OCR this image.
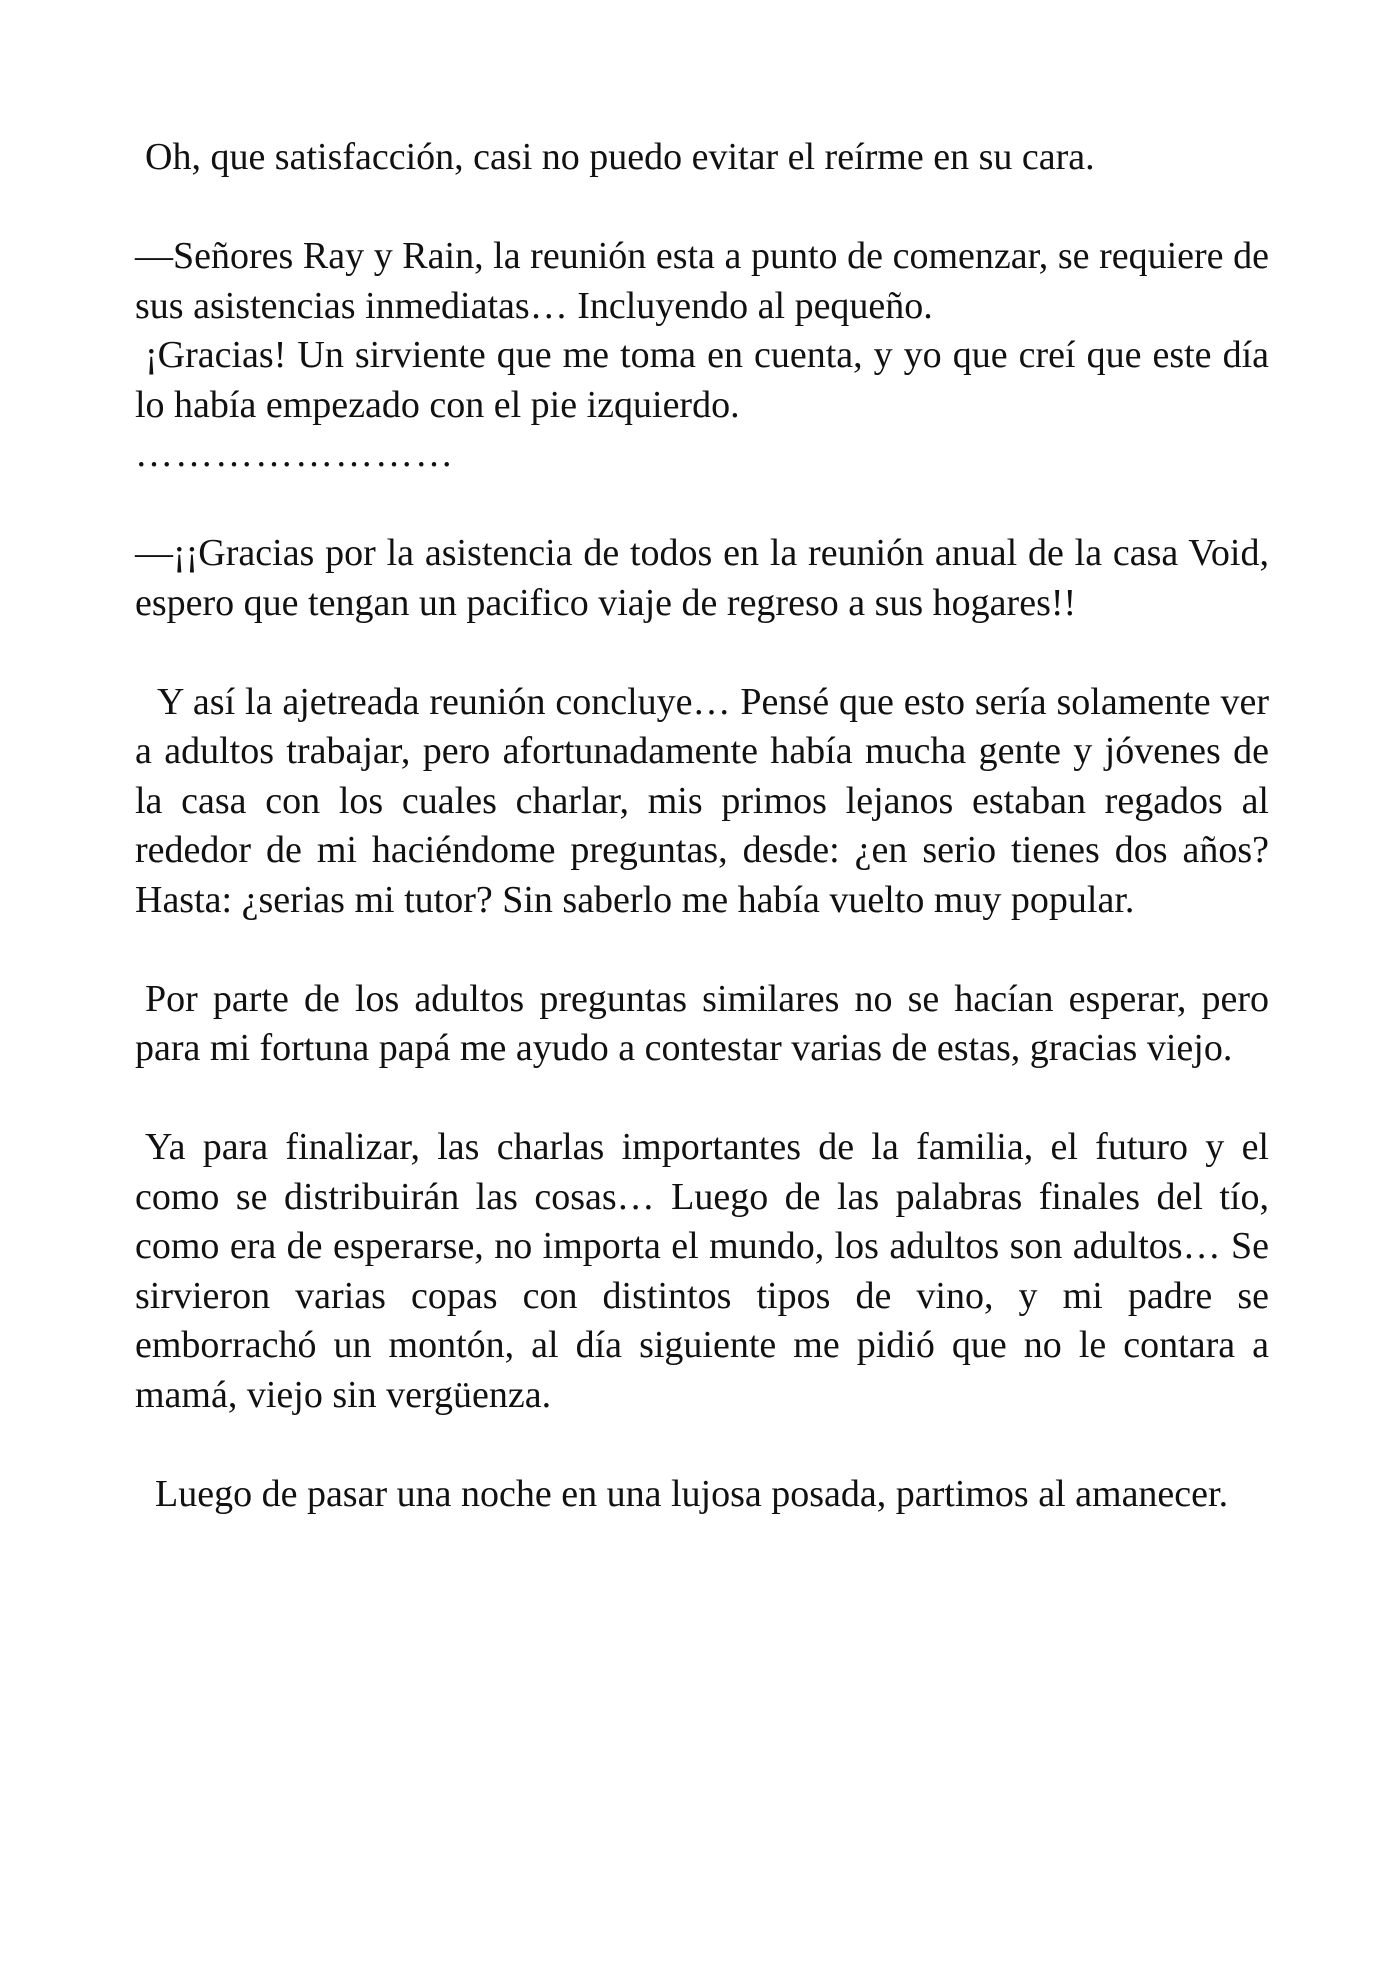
Oh, que satisfacción, casi no puedo evitar el reírme en su cara.

—Señores Ray y Rain, la reunión esta a punto de comenzar, se requiere de sus asistencias inmediatas… Incluyendo al pequeño.

¡Gracias! Un sirviente que me toma en cuenta, y yo que creí que este día lo había empezado con el pie izquierdo.

……………………

—¡¡Gracias por la asistencia de todos en la reunión anual de la casa Void, espero que tengan un pacifico viaje de regreso a sus hogares!!

Y así la ajetreada reunión concluye… Pensé que esto sería solamente ver a adultos trabajar, pero afortunadamente había mucha gente y jóvenes de la casa con los cuales charlar, mis primos lejanos estaban regados al rededor de mi haciéndome preguntas, desde: ¿en serio tienes dos años? Hasta: ¿serias mi tutor? Sin saberlo me había vuelto muy popular.

Por parte de los adultos preguntas similares no se hacían esperar, pero para mi fortuna papá me ayudo a contestar varias de estas, gracias viejo.

Ya para finalizar, las charlas importantes de la familia, el futuro y el como se distribuirán las cosas… Luego de las palabras finales del tío, como era de esperarse, no importa el mundo, los adultos son adultos… Se sirvieron varias copas con distintos tipos de vino, y mi padre se emborrachó un montón, al día siguiente me pidió que no le contara a mamá, viejo sin vergüenza.

Luego de pasar una noche en una lujosa posada, partimos al amanecer.
